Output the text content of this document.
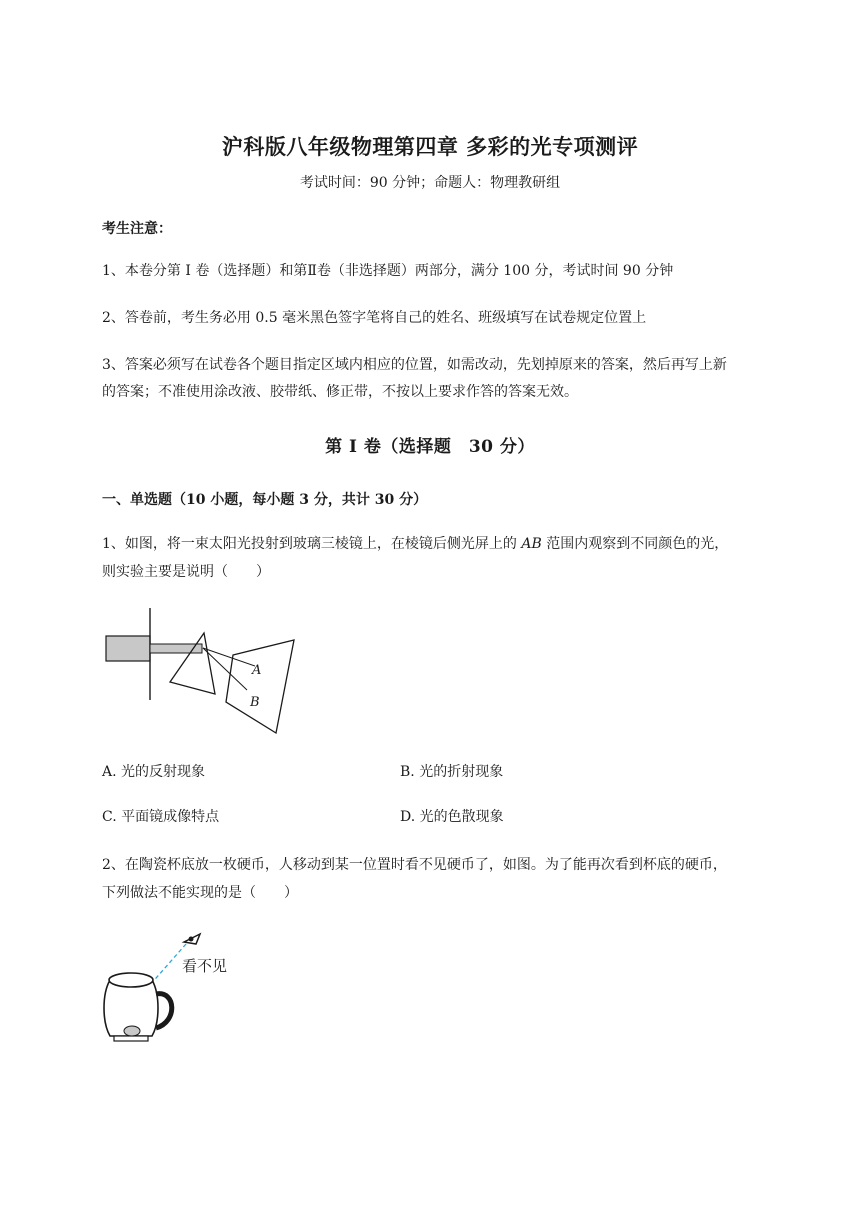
沪科版八年级物理第四章 多彩的光专项测评
考试时间：90 分钟；命题人：物理教研组
考生注意：
1、本卷分第 I 卷（选择题）和第Ⅱ卷（非选择题）两部分，满分 100 分，考试时间 90 分钟
2、答卷前，考生务必用 0.5 毫米黑色签字笔将自己的姓名、班级填写在试卷规定位置上
3、答案必须写在试卷各个题目指定区域内相应的位置，如需改动，先划掉原来的答案，然后再写上新
的答案；不准使用涂改液、胶带纸、修正带，不按以上要求作答的答案无效。
第 I 卷（选择题　30 分）
一、单选题（10 小题，每小题 3 分，共计 30 分）
1、如图，将一束太阳光投射到玻璃三棱镜上，在棱镜后侧光屏上的 AB 范围内观察到不同颜色的光，
则实验主要是说明（　　）
A
B
A. 光的反射现象	B. 光的折射现象
C. 平面镜成像特点	D. 光的色散现象
2、在陶瓷杯底放一枚硬币，人移动到某一位置时看不见硬币了，如图。为了能再次看到杯底的硬币，
下列做法不能实现的是（　　）
看不见
